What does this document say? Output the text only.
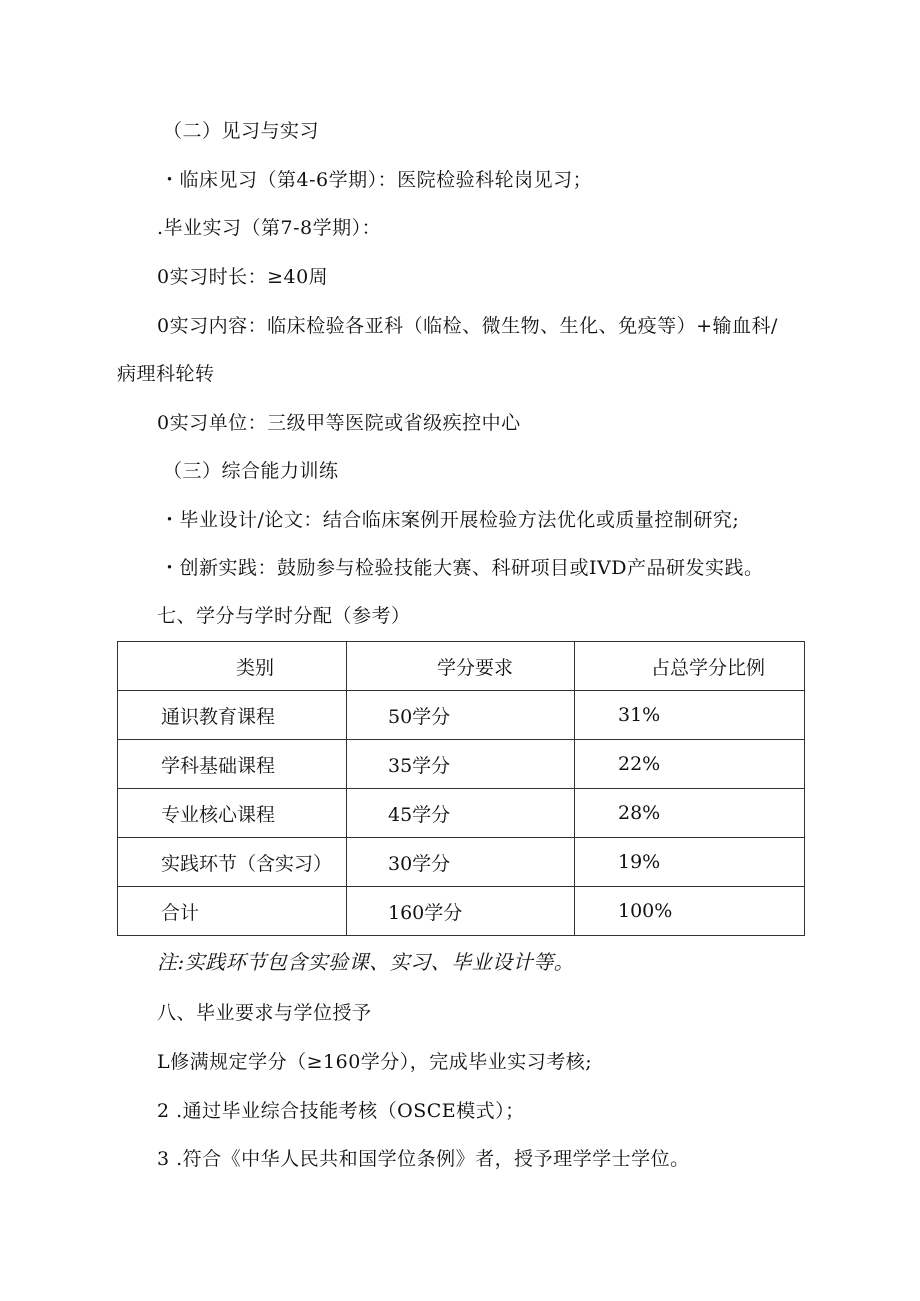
（二）见习与实习
・临床见习（第4-6学期）：医院检验科轮岗见习；
.毕业实习（第7-8学期）：
0实习时长：≥40周
0实习内容：临床检验各亚科（临检、微生物、生化、免疫等）+输血科/
病理科轮转
0实习单位：三级甲等医院或省级疾控中心
（三）综合能力训练
・毕业设计/论文：结合临床案例开展检验方法优化或质量控制研究;
・创新实践：鼓励参与检验技能大赛、科研项目或IVD产品研发实践。
七、学分与学时分配（参考）
类别	学分要求	占总学分比例
通识教育课程	50学分	31%
学科基础课程	35学分	22%
专业核心课程	45学分	28%
实践环节（含实习）	30学分	19%
合计	160学分	100%
注:实践环节包含实验课、实习、毕业设计等。
八、毕业要求与学位授予
L修满规定学分（≥160学分），完成毕业实习考核;
2 .通过毕业综合技能考核（OSCE模式）；
3 .符合《中华人民共和国学位条例》者，授予理学学士学位。
